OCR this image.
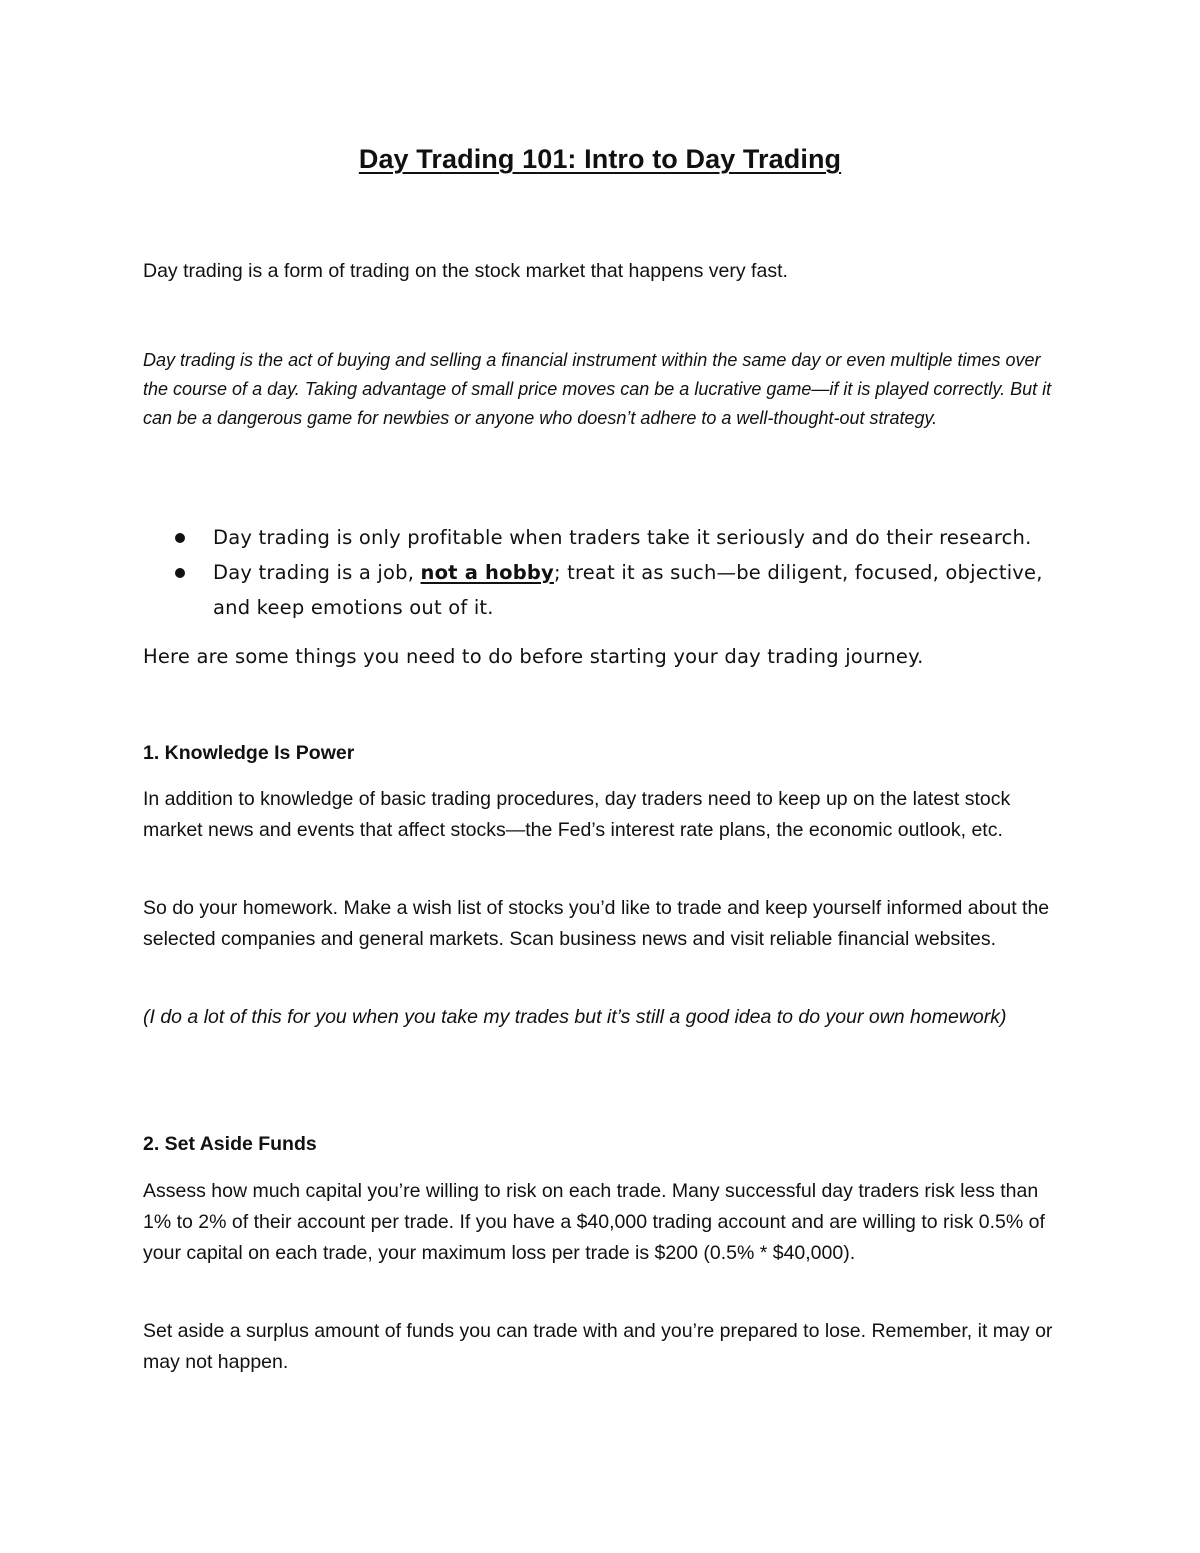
Day Trading 101: Intro to Day Trading

Day trading is a form of trading on the stock market that happens very fast.

Day trading is the act of buying and selling a financial instrument within the same day or even multiple times over the course of a day. Taking advantage of small price moves can be a lucrative game—if it is played correctly. But it can be a dangerous game for newbies or anyone who doesn’t adhere to a well-thought-out strategy.

Day trading is only profitable when traders take it seriously and do their research.
Day trading is a job, not a hobby; treat it as such—be diligent, focused, objective, and keep emotions out of it.

Here are some things you need to do before starting your day trading journey.

1. Knowledge Is Power

In addition to knowledge of basic trading procedures, day traders need to keep up on the latest stock market news and events that affect stocks—the Fed’s interest rate plans, the economic outlook, etc.

So do your homework. Make a wish list of stocks you’d like to trade and keep yourself informed about the selected companies and general markets. Scan business news and visit reliable financial websites.

(I do a lot of this for you when you take my trades but it’s still a good idea to do your own homework)

2. Set Aside Funds

Assess how much capital you’re willing to risk on each trade. Many successful day traders risk less than 1% to 2% of their account per trade. If you have a $40,000 trading account and are willing to risk 0.5% of your capital on each trade, your maximum loss per trade is $200 (0.5% * $40,000).

Set aside a surplus amount of funds you can trade with and you’re prepared to lose. Remember, it may or may not happen.
